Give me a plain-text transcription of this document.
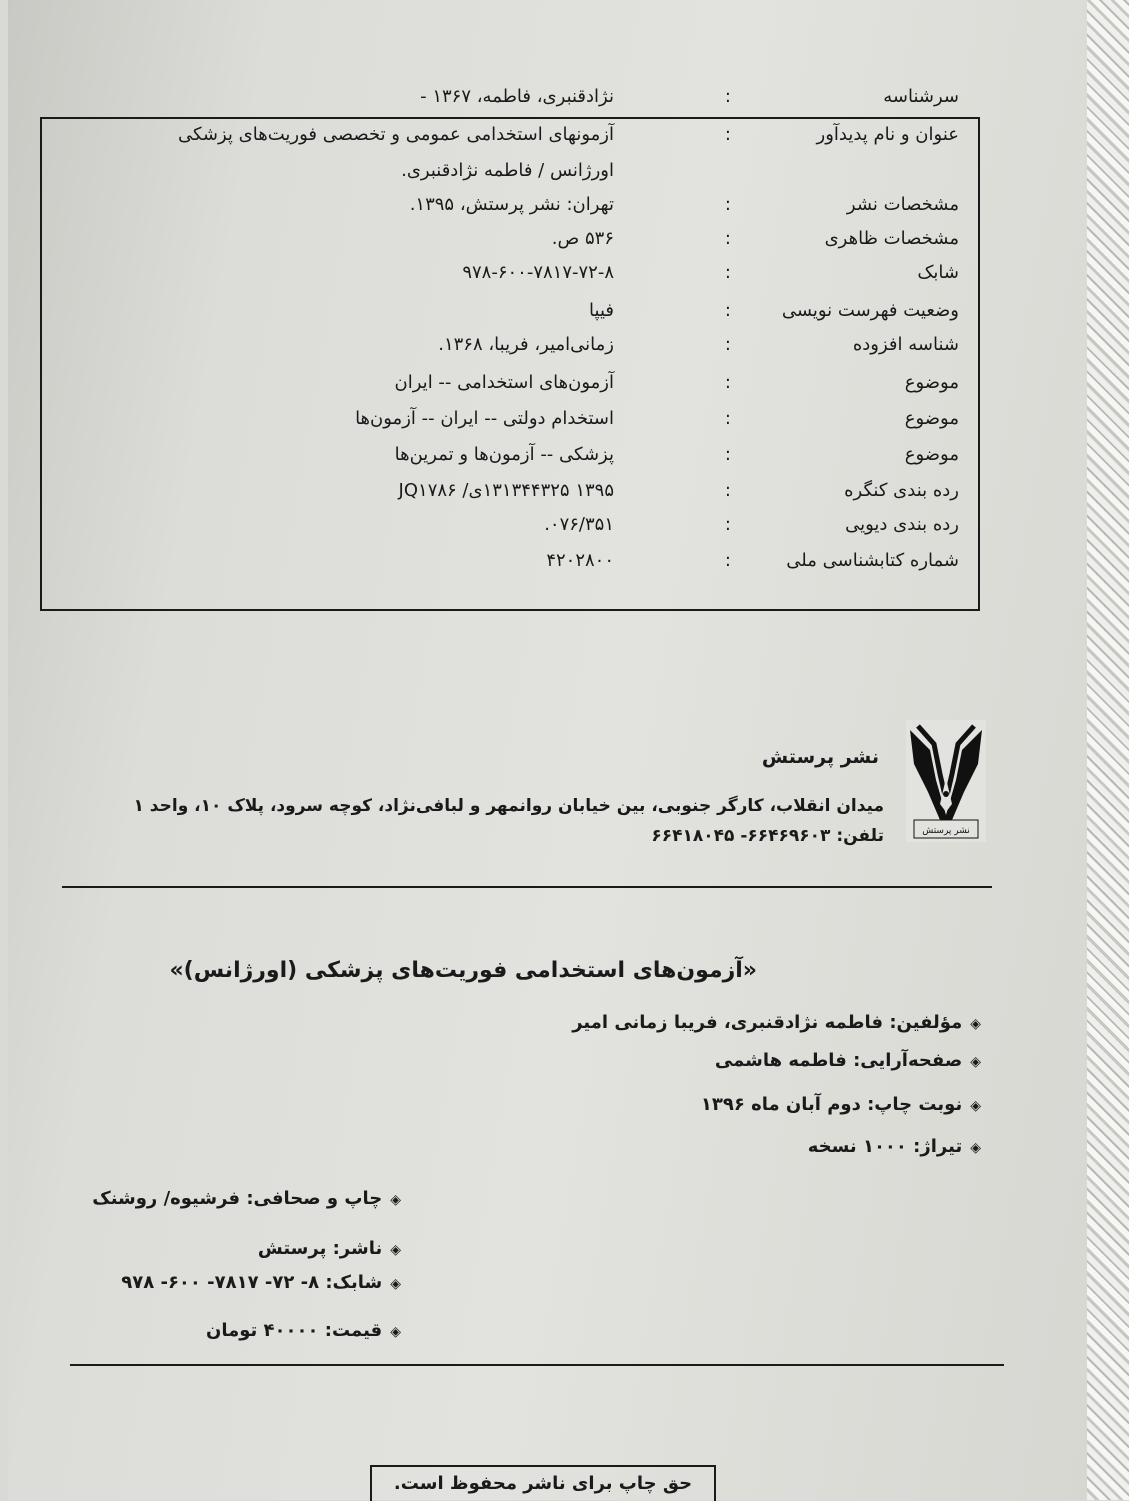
سرشناسه
:
نژادقنبری، فاطمه، ۱۳۶۷ -
عنوان و نام پدیدآور
:
آزمونهای استخدامی عمومی و تخصصی فوریت‌های پزشکی
اورژانس / فاطمه نژادقنبری.
مشخصات نشر
:
تهران: نشر پرستش، ۱۳۹۵.
مشخصات ظاهری
:
۵۳۶ ص.
شابک
:
۹۷۸-۶۰۰-۷۸۱۷-۷۲-۸
وضعیت فهرست نویسی
:
فیپا
شناسه افزوده
:
زمانی‌امیر، فریبا، ۱۳۶۸.
موضوع
:
آزمون‌های استخدامی -- ایران
موضوع
:
استخدام دولتی -- ایران -- آزمون‌ها
موضوع
:
پزشکی -- آزمون‌ها و تمرین‌ها
رده بندی کنگره
:
۱۳۹۵ ۱۳۱۳۴۴۳۲۵ی/ JQ۱۷۸۶
رده بندی دیویی
:
۰۷۶/۳۵۱.
شماره کتابشناسی ملی
:
۴۲۰۲۸۰۰
نشر پرستش
نشر پرستش
میدان انقلاب، کارگر جنوبی، بین خیابان روانمهر و لبافی‌نژاد، کوچه سرود، پلاک ۱۰، واحد ۱
تلفن: ۶۶۴۶۹۶۰۳- ۶۶۴۱۸۰۴۵
«آزمون‌های استخدامی فوریت‌های پزشکی (اورژانس)»
◈مؤلفین: فاطمه نژادقنبری، فریبا زمانی امیر
◈صفحه‌آرایی: فاطمه هاشمی
◈نوبت چاپ: دوم آبان ماه ۱۳۹۶
◈تیراژ: ۱۰۰۰ نسخه
◈چاپ و صحافی: فرشیوه/ روشنک
◈ناشر: پرستش
◈شابک: ۸- ۷۲- ۷۸۱۷- ۶۰۰- ۹۷۸
◈قیمت: ۴۰۰۰۰ تومان
حق چاپ برای ناشر محفوظ است.
